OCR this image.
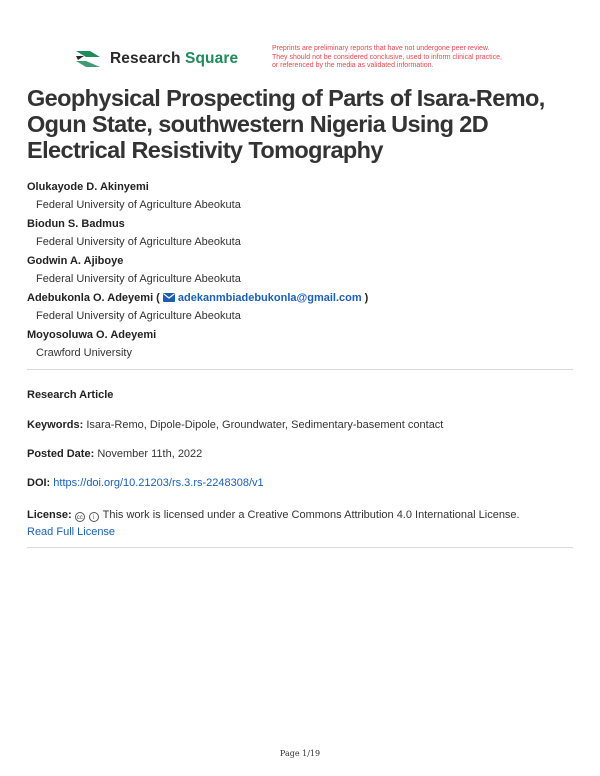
Research Square
Preprints are preliminary reports that have not undergone peer review.
They should not be considered conclusive, used to inform clinical practice,
or referenced by the media as validated information.
Geophysical Prospecting of Parts of Isara-Remo, Ogun State, southwestern Nigeria Using 2D Electrical Resistivity Tomography
Olukayode D. Akinyemi
Federal University of Agriculture Abeokuta
Biodun S. Badmus
Federal University of Agriculture Abeokuta
Godwin A. Ajiboye
Federal University of Agriculture Abeokuta
Adebukonla O. Adeyemi ( adekanmbiadebukonla@gmail.com )
Federal University of Agriculture Abeokuta
Moyosoluwa O. Adeyemi
Crawford University
Research Article
Keywords: Isara-Remo, Dipole-Dipole, Groundwater, Sedimentary-basement contact
Posted Date: November 11th, 2022
DOI: https://doi.org/10.21203/rs.3.rs-2248308/v1
License: cc i This work is licensed under a Creative Commons Attribution 4.0 International License.
Read Full License
Page 1/19
